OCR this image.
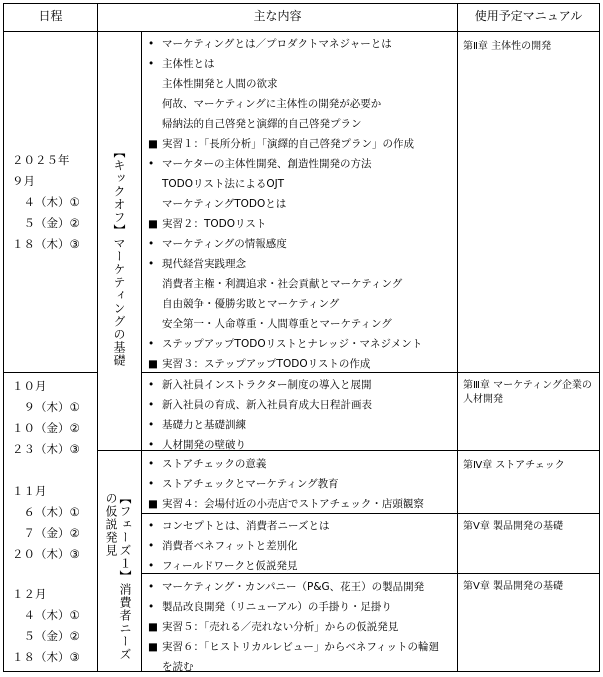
日程	主な内容	使用予定マニュアル
２０２５年
９月
　４（木）①
　５（金）②
１８（木）③
１０月
　９（木）①
１０（金）②
２３（木）③
１１月
　６（木）①
　７（金）②
２０（木）③
１２月
　４（木）①
　５（金）②
１８（木）③
【キックオフ】マーケティングの基礎
【フェーズ１】消費者ニーズの仮説発見
• マーケティングとは／プロダクトマネジャーとは
• 主体性とは
主体性開発と人間の欲求
何故、マーケティングに主体性の開発が必要か
帰納法的自己啓発と演繹的自己啓発プラン
■ 実習１：「長所分析」「演繹的自己啓発プラン」の作成
• マーケターの主体性開発、創造性開発の方法
TODOリスト法によるOJT
マーケティングTODOとは
■ 実習２：TODOリスト
• マーケティングの情報感度
• 現代経営実践理念
消費者主権・利潤追求・社会貢献とマーケティング
自由競争・優勝劣敗とマーケティング
安全第一・人命尊重・人間尊重とマーケティング
• ステップアップTODOリストとナレッジ・マネジメント
■ 実習３：ステップアップTODOリストの作成
• 新入社員インストラクター制度の導入と展開
• 新入社員の育成、新入社員育成大日程計画表
• 基礎力と基礎訓練
• 人材開発の壁破り
• ストアチェックの意義
• ストアチェックとマーケティング教育
■ 実習４：会場付近の小売店でストアチェック・店頭観察
• コンセプトとは、消費者ニーズとは
• 消費者ベネフィットと差別化
• フィールドワークと仮説発見
• マーケティング・カンパニー（P&G、花王）の製品開発
• 製品改良開発（リニューアル）の手掛り・足掛り
■ 実習５：「売れる／売れない分析」からの仮説発見
■ 実習６：「ヒストリカルレビュー」からベネフィットの輪廻
を読む
第Ⅱ章 主体性の開発
第Ⅲ章 マーケティング企業の
人材開発
第Ⅳ章 ストアチェック
第Ⅴ章 製品開発の基礎
第Ⅴ章 製品開発の基礎
